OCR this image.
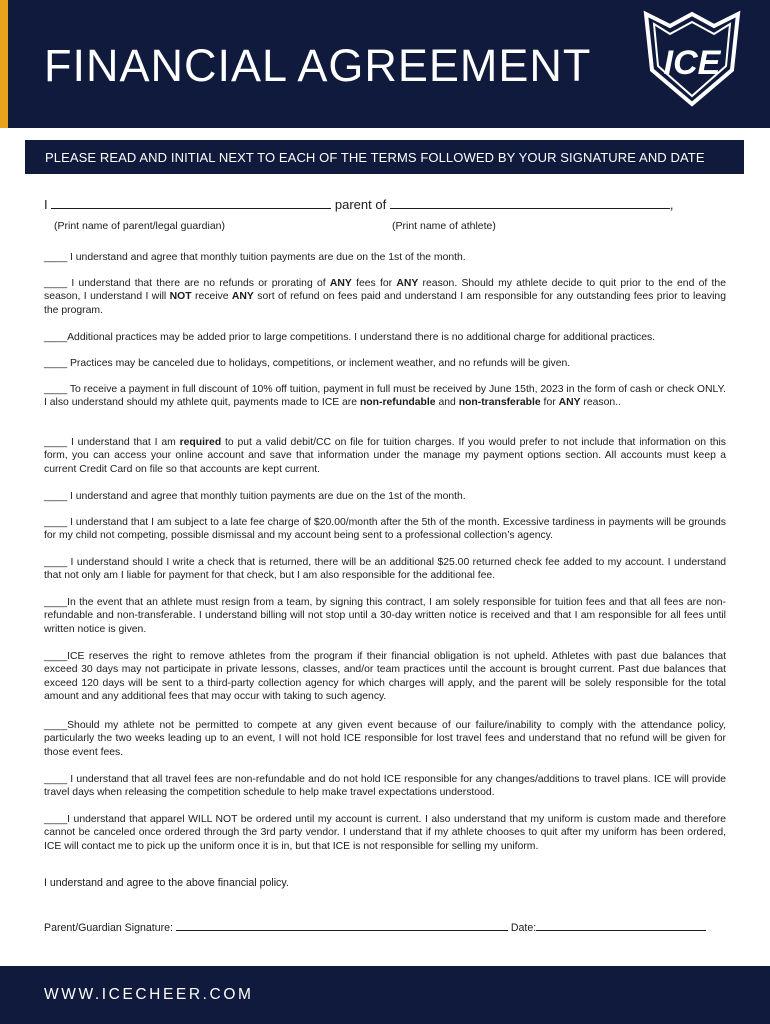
FINANCIAL AGREEMENT ICE
PLEASE READ AND INITIAL NEXT TO EACH OF THE TERMS FOLLOWED BY YOUR SIGNATURE AND DATE
I	parent of	,
(Print name of parent/legal guardian)	(Print name of athlete)

____ I understand and agree that monthly tuition payments are due on the 1st of the month.

____ I understand that there are no refunds or prorating of ANY fees for ANY reason. Should my athlete decide to quit prior to the end of the season, I understand I will NOT receive ANY sort of refund on fees paid and understand I am responsible for any outstanding fees prior to leaving the program.

____Additional practices may be added prior to large competitions. I understand there is no additional charge for additional practices.

____ Practices may be canceled due to holidays, competitions, or inclement weather, and no refunds will be given.

____ To receive a payment in full discount of 10% off tuition, payment in full must be received by June 15th, 2023 in the form of cash or check ONLY. I also understand should my athlete quit, payments made to ICE are non-refundable and non-transferable for ANY reason..

____ I understand that I am required to put a valid debit/CC on file for tuition charges. If you would prefer to not include that information on this form, you can access your online account and save that information under the manage my payment options section. All accounts must keep a current Credit Card on file so that accounts are kept current.

____ I understand and agree that monthly tuition payments are due on the 1st of the month.

____ I understand that I am subject to a late fee charge of $20.00/month after the 5th of the month. Excessive tardiness in payments will be grounds for my child not competing, possible dismissal and my account being sent to a professional collection’s agency.

____ I understand should I write a check that is returned, there will be an additional $25.00 returned check fee added to my account. I understand that not only am I liable for payment for that check, but I am also responsible for the additional fee.

____In the event that an athlete must resign from a team, by signing this contract, I am solely responsible for tuition fees and that all fees are non-refundable and non-transferable. I understand billing will not stop until a 30-day written notice is received and that I am responsible for all fees until written notice is given.

____ICE reserves the right to remove athletes from the program if their financial obligation is not upheld. Athletes with past due balances that exceed 30 days may not participate in private lessons, classes, and/or team practices until the account is brought current. Past due balances that exceed 120 days will be sent to a third-party collection agency for which charges will apply, and the parent will be solely responsible for the total amount and any additional fees that may occur with taking to such agency.

____Should my athlete not be permitted to compete at any given event because of our failure/inability to comply with the attendance policy, particularly the two weeks leading up to an event, I will not hold ICE responsible for lost travel fees and understand that no refund will be given for those event fees.

____ I understand that all travel fees are non-refundable and do not hold ICE responsible for any changes/additions to travel plans. ICE will provide travel days when releasing the competition schedule to help make travel expectations understood.

____I understand that apparel WILL NOT be ordered until my account is current. I also understand that my uniform is custom made and therefore cannot be canceled once ordered through the 3rd party vendor. I understand that if my athlete chooses to quit after my uniform has been ordered, ICE will contact me to pick up the uniform once it is in, but that ICE is not responsible for selling my uniform.

I understand and agree to the above financial policy.
Parent/Guardian Signature:	Date:
WWW.ICECHEER.COM
